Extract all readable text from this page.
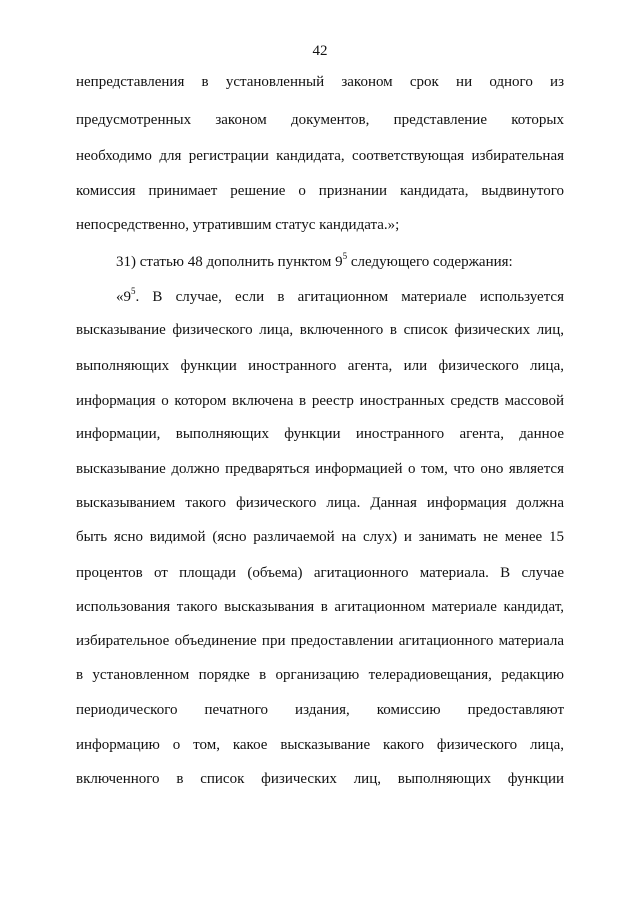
42
непредставления в установленный законом срок ни одного из
предусмотренных законом документов, представление которых
необходимо для регистрации кандидата, соответствующая избирательная
комиссия принимает решение о признании кандидата, выдвинутого
непосредственно, утратившим статус кандидата.»;
31) статью 48 дополнить пунктом $9^5$ следующего содержания:
«$9^5$. В случае, если в агитационном материале используется
высказывание физического лица, включенного в список физических лиц,
выполняющих функции иностранного агента, или физического лица,
информация о котором включена в реестр иностранных средств массовой
информации, выполняющих функции иностранного агента, данное
высказывание должно предваряться информацией о том, что оно является
высказыванием такого физического лица. Данная информация должна
быть ясно видимой (ясно различаемой на слух) и занимать не менее 15
процентов от площади (объема) агитационного материала. В случае
использования такого высказывания в агитационном материале кандидат,
избирательное объединение при предоставлении агитационного материала
в установленном порядке в организацию телерадиовещания, редакцию
периодического печатного издания, комиссию предоставляют
информацию о том, какое высказывание какого физического лица,
включенного в список физических лиц, выполняющих функции
